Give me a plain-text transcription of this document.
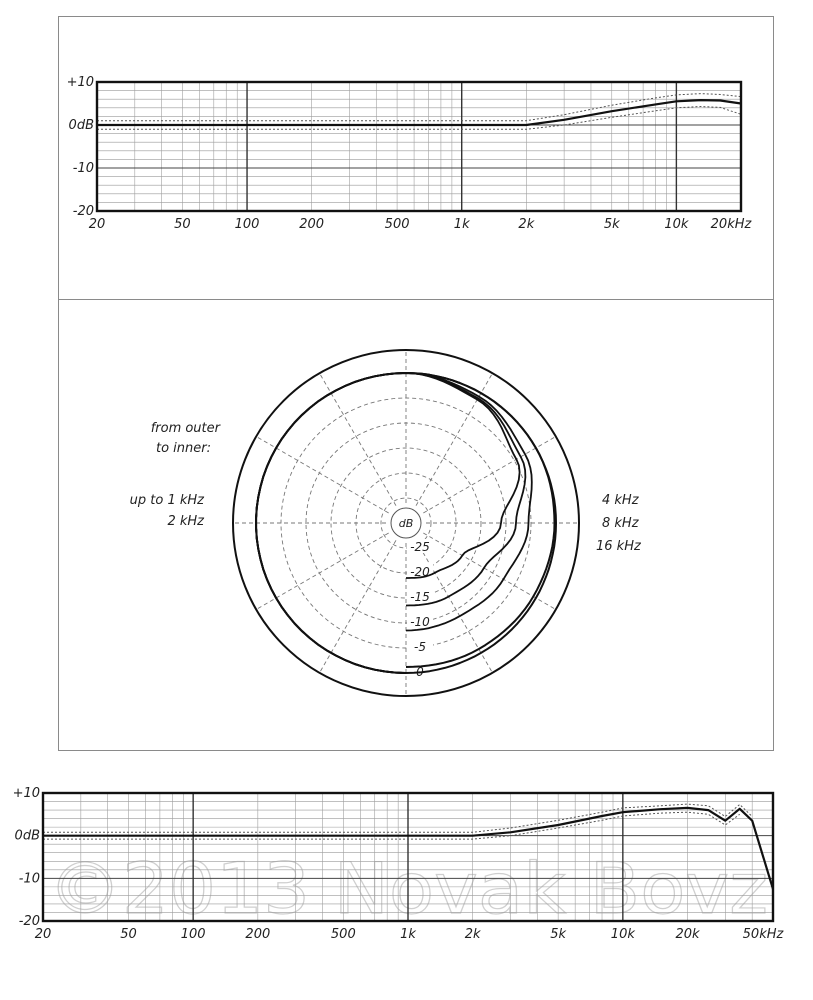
+10
0dB
-10
-20
20	50	100	200	500	1k	2k	5k	10k 20kHz
dB
-25
-20
-15
-10
-5
0
©2013 Novak Bovz
+10
0dB
-10
-20
20	50	100	200	500	1k	2k	5k	10k	20k	50kHz
from outer
to inner:
up to 1 kHz
2 kHz
4 kHz
8 kHz
16 kHz
